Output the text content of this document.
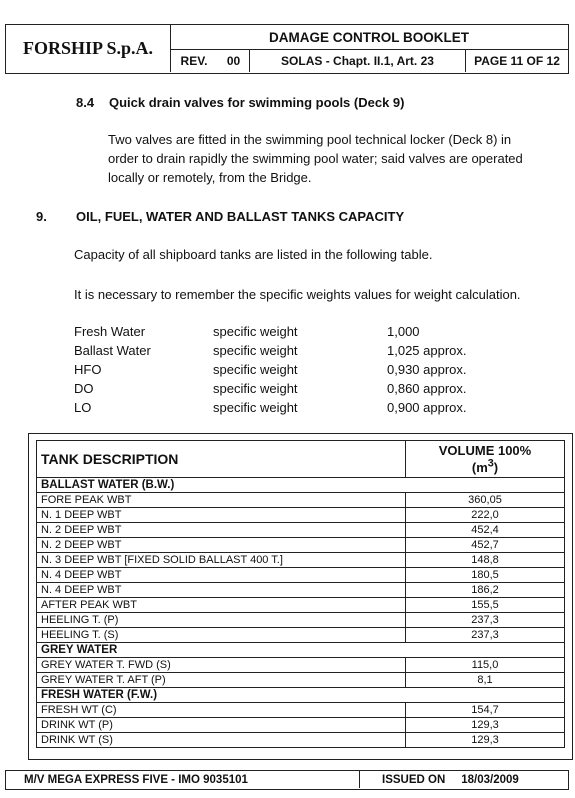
FORSHIP S.p.A.
DAMAGE CONTROL BOOKLET
REV.	00	SOLAS - Chapt. II.1, Art. 23	PAGE 11 OF 12
8.4 Quick drain valves for swimming pools (Deck 9)
Two valves are fitted in the swimming pool technical locker (Deck 8) in
order to drain rapidly the swimming pool water; said valves are operated
locally or remotely, from the Bridge.
9. OIL, FUEL, WATER AND BALLAST TANKS CAPACITY
Capacity of all shipboard tanks are listed in the following table.
It is necessary to remember the specific weights values for weight calculation.
Fresh Water	specific weight	1,000
Ballast Water	specific weight	1,025 approx.
HFO	specific weight	0,930 approx.
DO	specific weight	0,860 approx.
LO	specific weight	0,900 approx.
TANK DESCRIPTION	VOLUME 100%
$(m^3)$
BALLAST WATER (B.W.)	
FORE PEAK WBT	360,05
N. 1 DEEP WBT	222,0
N. 2 DEEP WBT	452,4
N. 2 DEEP WBT	452,7
N. 3 DEEP WBT [FIXED SOLID BALLAST 400 T.]	148,8
N. 4 DEEP WBT	180,5
N. 4 DEEP WBT	186,2
AFTER PEAK WBT	155,5
HEELING T. (P)	237,3
HEELING T. (S)	237,3
GREY WATER	
GREY WATER T. FWD (S)	115,0
GREY WATER T. AFT (P)	8,1
FRESH WATER (F.W.)	
FRESH WT (C)	154,7
DRINK WT (P)	129,3
DRINK WT (S)	129,3
M/V MEGA EXPRESS FIVE - IMO 9035101	ISSUED ON 18/03/2009
